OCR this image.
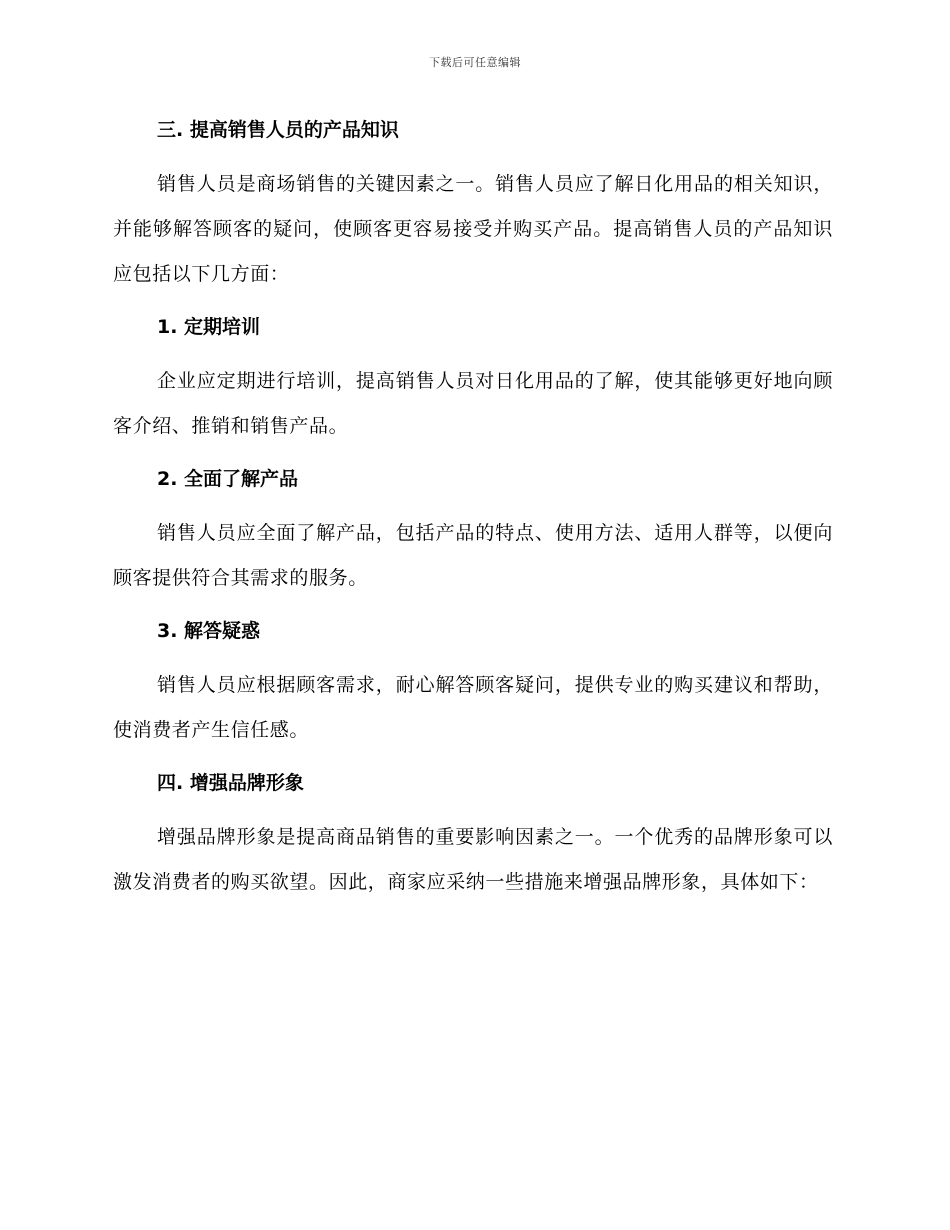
下载后可任意编辑
三. 提高销售人员的产品知识

销售人员是商场销售的关键因素之一。销售人员应了解日化用品的相关知识，并能够解答顾客的疑问，使顾客更容易接受并购买产品。提高销售人员的产品知识应包括以下几方面：

1. 定期培训

企业应定期进行培训，提高销售人员对日化用品的了解，使其能够更好地向顾客介绍、推销和销售产品。

2. 全面了解产品

销售人员应全面了解产品，包括产品的特点、使用方法、适用人群等，以便向顾客提供符合其需求的服务。

3. 解答疑惑

销售人员应根据顾客需求，耐心解答顾客疑问，提供专业的购买建议和帮助，使消费者产生信任感。

四. 增强品牌形象

增强品牌形象是提高商品销售的重要影响因素之一。一个优秀的品牌形象可以激发消费者的购买欲望。因此，商家应采纳一些措施来增强品牌形象，具体如下：
